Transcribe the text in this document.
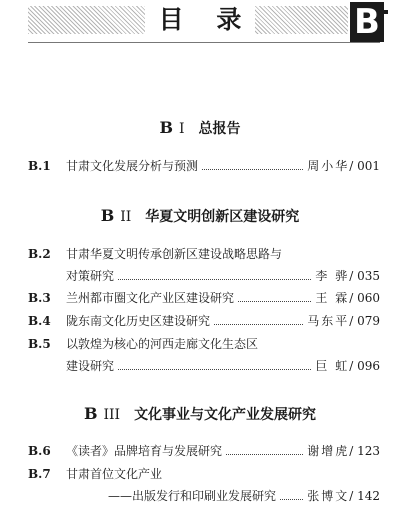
目 录	B
B I 总报告
B.1	甘肃文化发展分析与预测	周小华 / 001
B II 华夏文明创新区建设研究
B.2	甘肃华夏文明传承创新区建设战略思路与
对策研究	李 骅 / 035
B.3	兰州都市圈文化产业区建设研究	王 霖 / 060
B.4	陇东南文化历史区建设研究	马东平 / 079
B.5	以敦煌为核心的河西走廊文化生态区
建设研究	巨 虹 / 096
B III 文化事业与文化产业发展研究
B.6	《读者》品牌培育与发展研究	谢增虎 / 123
B.7	甘肃首位文化产业
——出版发行和印刷业发展研究	张博文 / 142
